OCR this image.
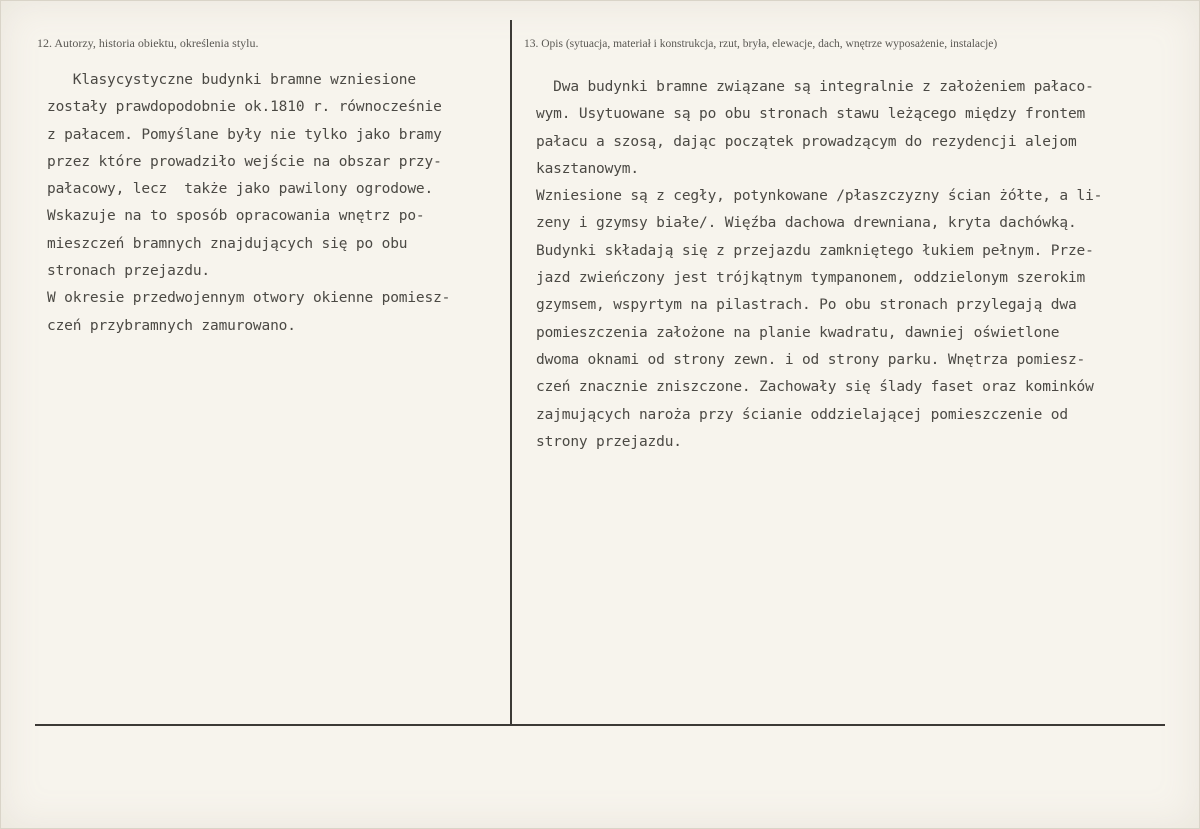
12. Autorzy, historia obiektu, określenia stylu.	13. Opis (sytuacja, materiał i konstrukcja, rzut, bryła, elewacje, dach, wnętrze wyposażenie, instalacje)
Klasycystyczne budynki bramne wzniesione
zostały prawdopodobnie ok.1810 r. równocześnie
z pałacem. Pomyślane były nie tylko jako bramy
przez które prowadziło wejście na obszar przy-
pałacowy, lecz  także jako pawilony ogrodowe.
Wskazuje na to sposób opracowania wnętrz po-
mieszczeń bramnych znajdujących się po obu
stronach przejazdu.
W okresie przedwojennym otwory okienne pomiesz-
czeń przybramnych zamurowano.
Dwa budynki bramne związane są integralnie z założeniem pałaco-
wym. Usytuowane są po obu stronach stawu leżącego między frontem
pałacu a szosą, dając początek prowadzącym do rezydencji alejom
kasztanowym.
Wzniesione są z cegły, potynkowane /płaszczyzny ścian żółte, a li-
zeny i gzymsy białe/. Więźba dachowa drewniana, kryta dachówką.
Budynki składają się z przejazdu zamkniętego łukiem pełnym. Prze-
jazd zwieńczony jest trójkątnym tympanonem, oddzielonym szerokim
gzymsem, wspyrtym na pilastrach. Po obu stronach przylegają dwa
pomieszczenia założone na planie kwadratu, dawniej oświetlone
dwoma oknami od strony zewn. i od strony parku. Wnętrza pomiesz-
czeń znacznie zniszczone. Zachowały się ślady faset oraz kominków
zajmujących naroża przy ścianie oddzielającej pomieszczenie od
strony przejazdu.
